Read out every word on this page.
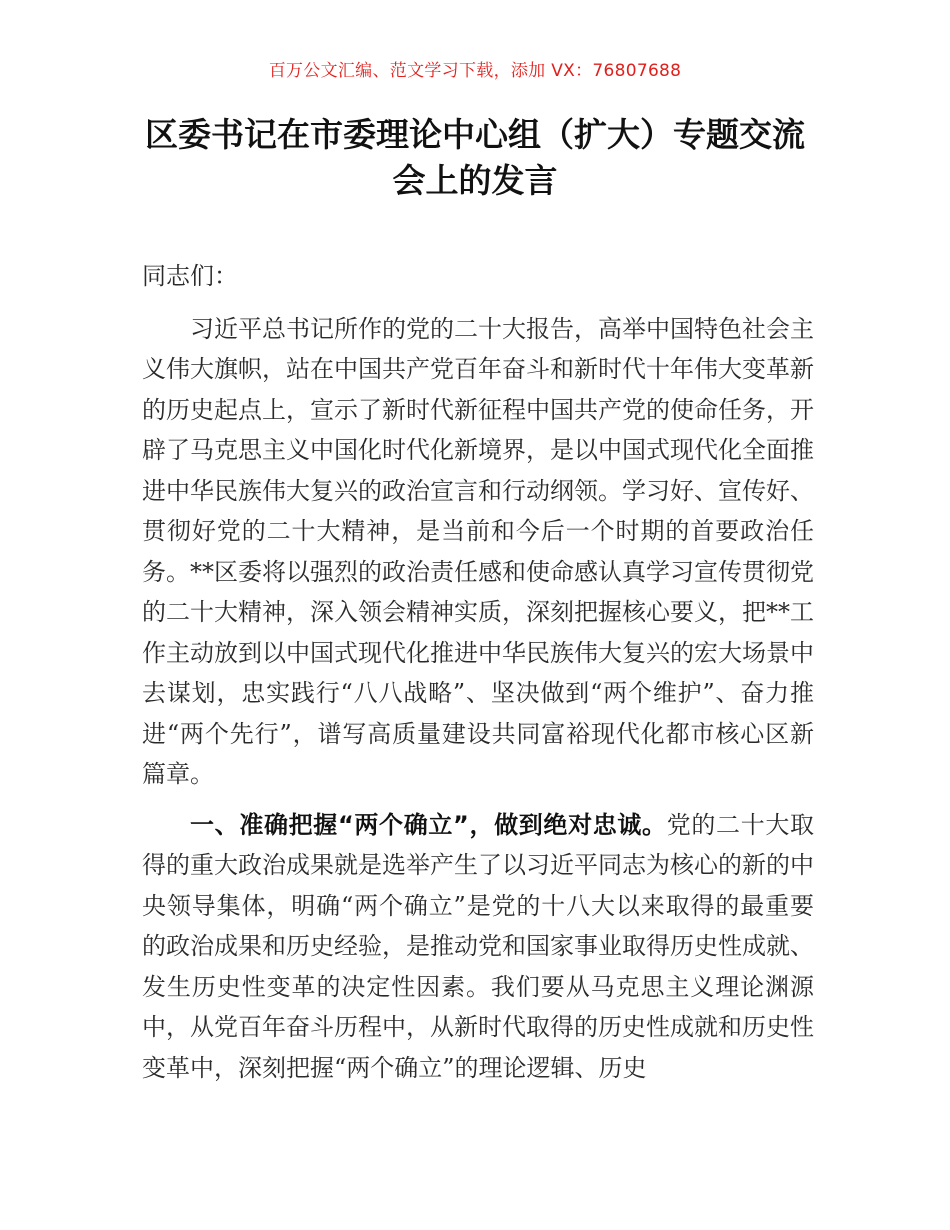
百万公文汇编、范文学习下载，添加 VX：76807688
区委书记在市委理论中心组（扩大）专题交流会上的发言

同志们：

习近平总书记所作的党的二十大报告，高举中国特色社会主义伟大旗帜，站在中国共产党百年奋斗和新时代十年伟大变革新的历史起点上，宣示了新时代新征程中国共产党的使命任务，开辟了马克思主义中国化时代化新境界，是以中国式现代化全面推进中华民族伟大复兴的政治宣言和行动纲领。学习好、宣传好、贯彻好党的二十大精神，是当前和今后一个时期的首要政治任务。**区委将以强烈的政治责任感和使命感认真学习宣传贯彻党的二十大精神，深入领会精神实质，深刻把握核心要义，把**工作主动放到以中国式现代化推进中华民族伟大复兴的宏大场景中去谋划，忠实践行“八八战略”、坚决做到“两个维护”、奋力推进“两个先行”，谱写高质量建设共同富裕现代化都市核心区新篇章。

一、准确把握“两个确立”，做到绝对忠诚。党的二十大取得的重大政治成果就是选举产生了以习近平同志为核心的新的中央领导集体，明确“两个确立”是党的十八大以来取得的最重要的政治成果和历史经验，是推动党和国家事业取得历史性成就、发生历史性变革的决定性因素。我们要从马克思主义理论渊源中，从党百年奋斗历程中，从新时代取得的历史性成就和历史性变革中，深刻把握“两个确立”的理论逻辑、历史
